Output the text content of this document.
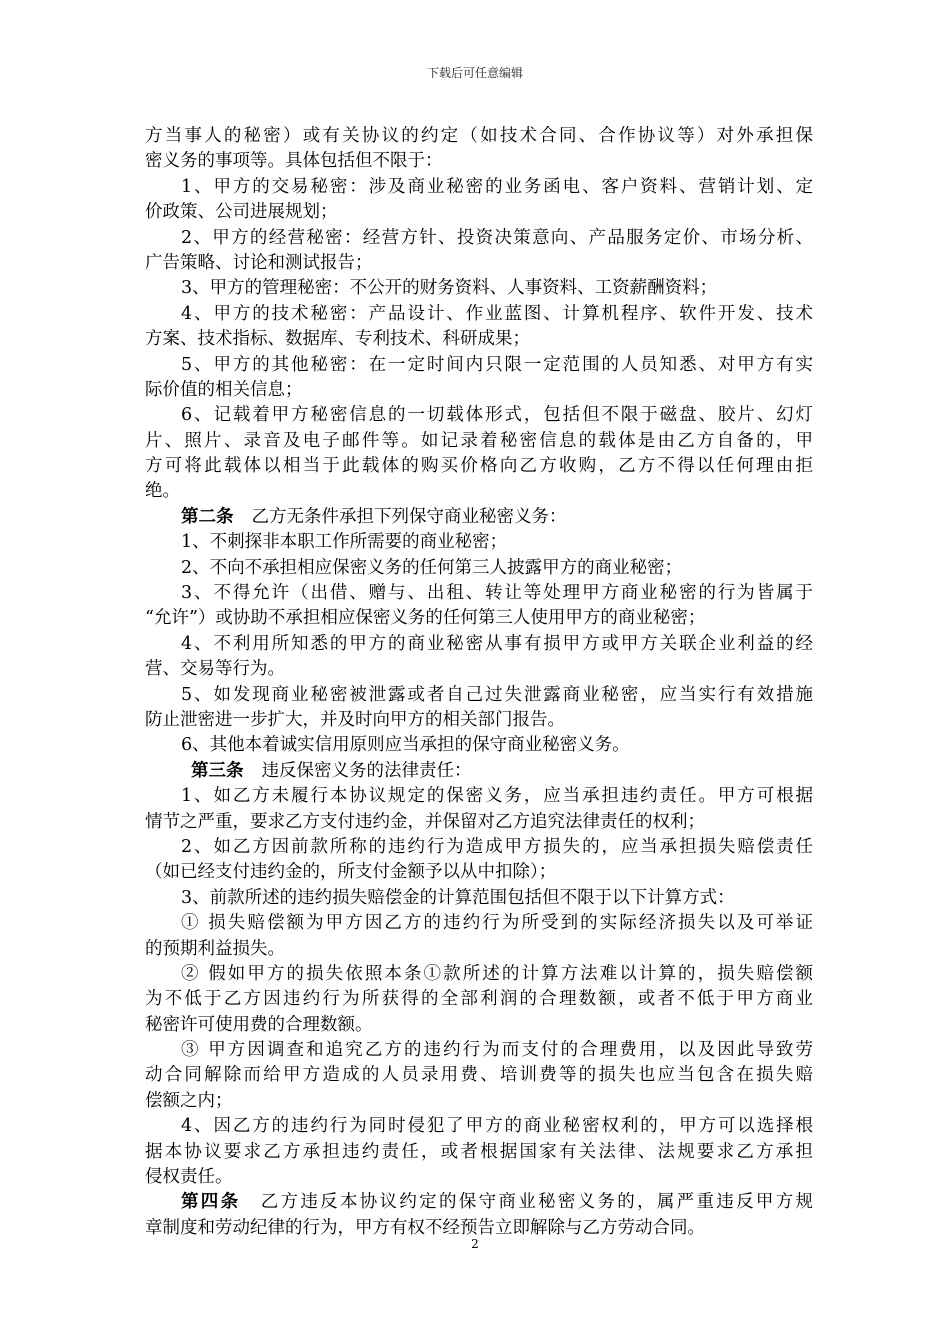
下载后可任意编辑

方当事人的秘密）或有关协议的约定（如技术合同、合作协议等）对外承担保

密义务的事项等。具体包括但不限于：

1、甲方的交易秘密：涉及商业秘密的业务函电、客户资料、营销计划、定

价政策、公司进展规划；

2、甲方的经营秘密：经营方针、投资决策意向、产品服务定价、市场分析、

广告策略、讨论和测试报告；

3、甲方的管理秘密：不公开的财务资料、人事资料、工资薪酬资料；

4、甲方的技术秘密：产品设计、作业蓝图、计算机程序、软件开发、技术

方案、技术指标、数据库、专利技术、科研成果；

5、甲方的其他秘密：在一定时间内只限一定范围的人员知悉、对甲方有实

际价值的相关信息；

6、记载着甲方秘密信息的一切载体形式，包括但不限于磁盘、胶片、幻灯

片、照片、录音及电子邮件等。如记录着秘密信息的载体是由乙方自备的，甲

方可将此载体以相当于此载体的购买价格向乙方收购，乙方不得以任何理由拒

绝。

第二条 乙方无条件承担下列保守商业秘密义务：

1、不刺探非本职工作所需要的商业秘密；

2、不向不承担相应保密义务的任何第三人披露甲方的商业秘密；

3、不得允许（出借、赠与、出租、转让等处理甲方商业秘密的行为皆属于

“允许”）或协助不承担相应保密义务的任何第三人使用甲方的商业秘密；

4、不利用所知悉的甲方的商业秘密从事有损甲方或甲方关联企业利益的经

营、交易等行为。

5、如发现商业秘密被泄露或者自己过失泄露商业秘密，应当实行有效措施

防止泄密进一步扩大，并及时向甲方的相关部门报告。

6、其他本着诚实信用原则应当承担的保守商业秘密义务。

第三条 违反保密义务的法律责任：

1、如乙方未履行本协议规定的保密义务，应当承担违约责任。甲方可根据

情节之严重，要求乙方支付违约金，并保留对乙方追究法律责任的权利；

2、如乙方因前款所称的违约行为造成甲方损失的，应当承担损失赔偿责任

（如已经支付违约金的，所支付金额予以从中扣除）；

3、前款所述的违约损失赔偿金的计算范围包括但不限于以下计算方式：

① 损失赔偿额为甲方因乙方的违约行为所受到的实际经济损失以及可举证

的预期利益损失。

② 假如甲方的损失依照本条①款所述的计算方法难以计算的，损失赔偿额

为不低于乙方因违约行为所获得的全部利润的合理数额，或者不低于甲方商业

秘密许可使用费的合理数额。

③ 甲方因调查和追究乙方的违约行为而支付的合理费用，以及因此导致劳

动合同解除而给甲方造成的人员录用费、培训费等的损失也应当包含在损失赔

偿额之内；

4、因乙方的违约行为同时侵犯了甲方的商业秘密权利的，甲方可以选择根

据本协议要求乙方承担违约责任，或者根据国家有关法律、法规要求乙方承担

侵权责任。

第四条 乙方违反本协议约定的保守商业秘密义务的，属严重违反甲方规

章制度和劳动纪律的行为，甲方有权不经预告立即解除与乙方劳动合同。

2
